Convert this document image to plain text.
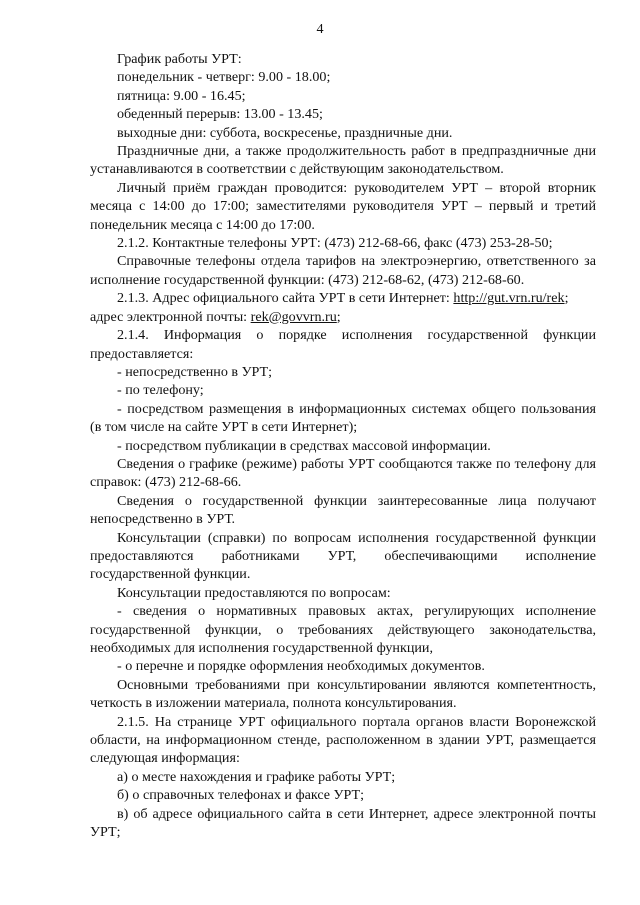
4
График работы УРТ:
понедельник - четверг: 9.00 - 18.00;
пятница: 9.00 - 16.45;
обеденный перерыв: 13.00 - 13.45;
выходные дни: суббота, воскресенье, праздничные дни.

Праздничные дни, а также продолжительность работ в предпраздничные дни устанавливаются в соответствии с действующим законодательством.

Личный приём граждан проводится: руководителем УРТ – второй вторник месяца с 14:00 до 17:00; заместителями руководителя УРТ – первый и третий понедельник месяца с 14:00 до 17:00.

2.1.2. Контактные телефоны УРТ: (473) 212-68-66, факс (473) 253-28-50;

Справочные телефоны отдела тарифов на электроэнергию, ответственного за исполнение государственной функции: (473) 212-68-62, (473) 212-68-60.

2.1.3. Адрес официального сайта УРТ в сети Интернет: http://gut.vrn.ru/rek;

адрес электронной почты: rek@govvrn.ru;

2.1.4. Информация о порядке исполнения государственной функции предоставляется:

- непосредственно в УРТ;

- по телефону;

- посредством размещения в информационных системах общего пользования (в том числе на сайте УРТ в сети Интернет);

- посредством публикации в средствах массовой информации.

Сведения о графике (режиме) работы УРТ сообщаются также по телефону для справок: (473) 212-68-66.

Сведения о государственной функции заинтересованные лица получают непосредственно в УРТ.

Консультации (справки) по вопросам исполнения государственной функции предоставляются работниками УРТ, обеспечивающими исполнение государственной функции.

Консультации предоставляются по вопросам:

- сведения о нормативных правовых актах, регулирующих исполнение государственной функции, о требованиях действующего законодательства, необходимых для исполнения государственной функции,

- о перечне и порядке оформления необходимых документов.

Основными требованиями при консультировании являются компетентность, четкость в изложении материала, полнота консультирования.

2.1.5. На странице УРТ официального портала органов власти Воронежской области, на информационном стенде, расположенном в здании УРТ, размещается следующая информация:

а) о месте нахождения и графике работы УРТ;

б) о справочных телефонах и факсе УРТ;

в) об адресе официального сайта в сети Интернет, адресе электронной почты УРТ;
